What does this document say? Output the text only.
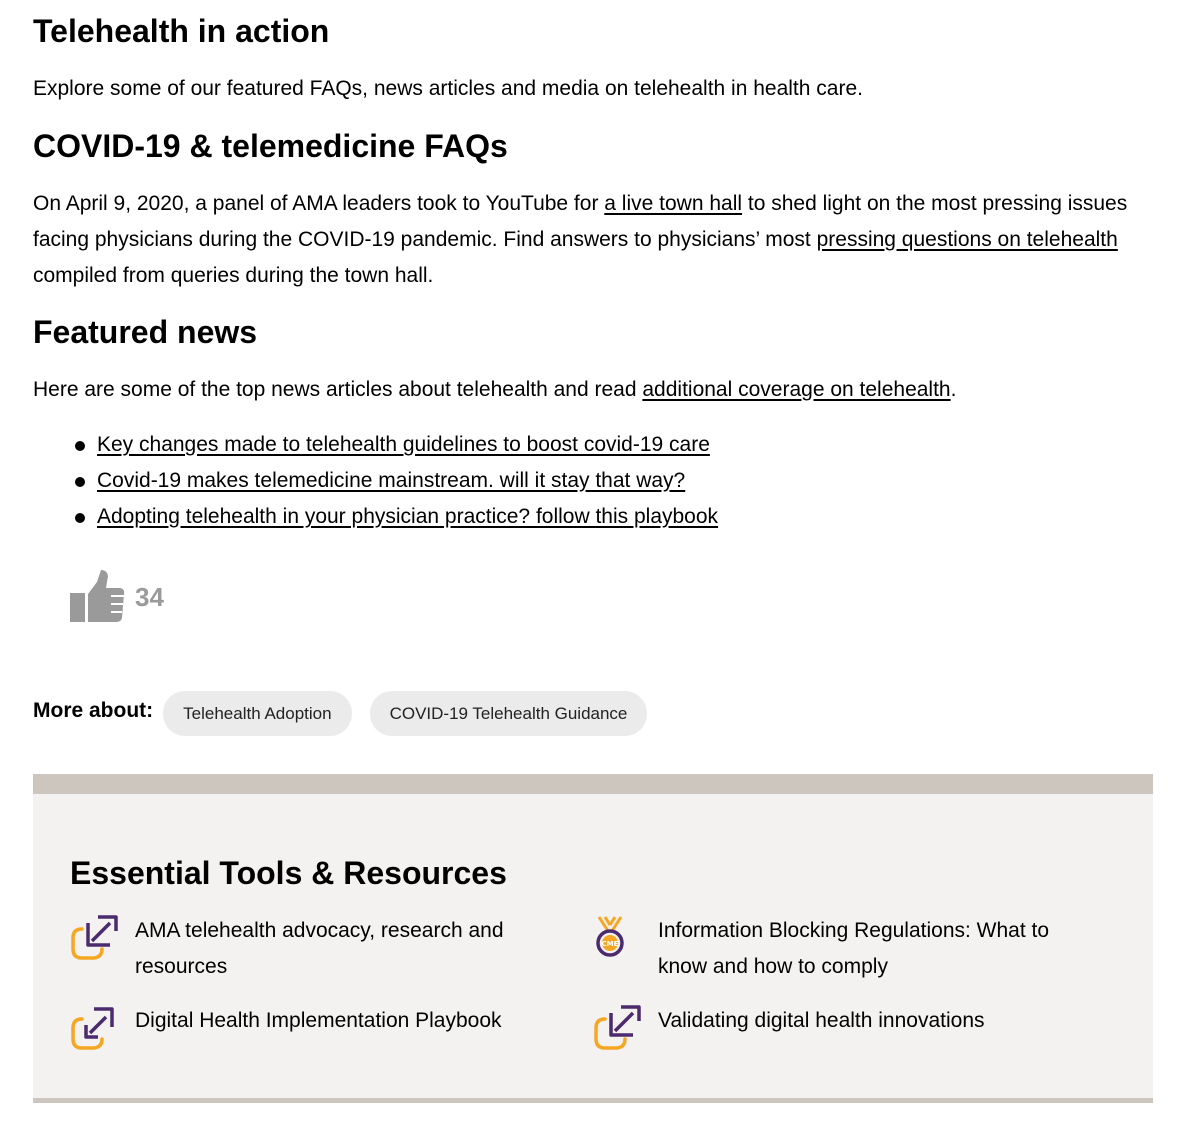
Telehealth in action

Explore some of our featured FAQs, news articles and media on telehealth in health care.

COVID-19 & telemedicine FAQs

On April 9, 2020, a panel of AMA leaders took to YouTube for a live town hall to shed light on the most pressing issues facing physicians during the COVID-19 pandemic. Find answers to physicians’ most pressing questions on telehealth compiled from queries during the town hall.

Featured news

Here are some of the top news articles about telehealth and read additional coverage on telehealth.

Key changes made to telehealth guidelines to boost covid-19 care
Covid-19 makes telemedicine mainstream. will it stay that way?
Adopting telehealth in your physician practice? follow this playbook
34
More about:	Telehealth Adoption	COVID-19 Telehealth Guidance
Essential Tools & Resources
AMA telehealth advocacy, research and resources
CME
Information Blocking Regulations: What to know and how to comply
Digital Health Implementation Playbook	Validating digital health innovations
